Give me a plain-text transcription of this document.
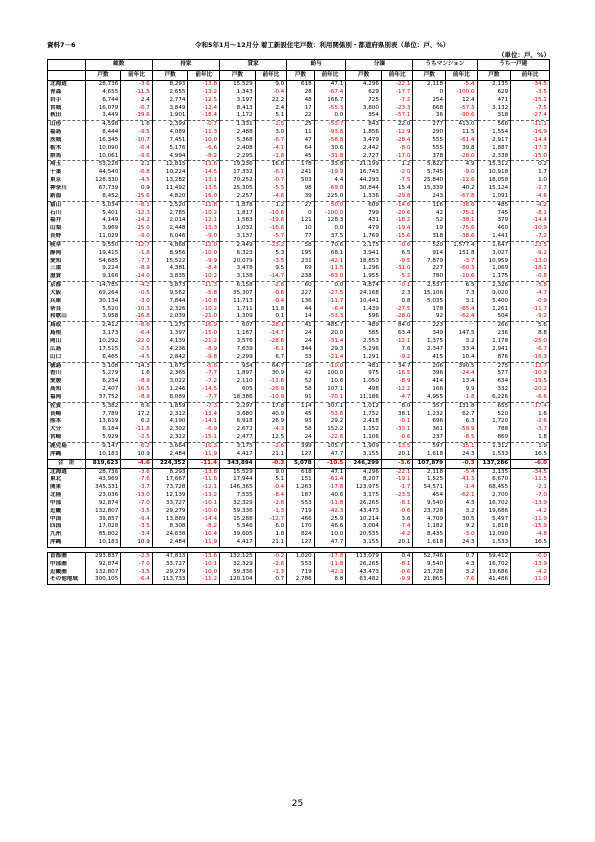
資料7－6	令和5年1月～12月分 着工新設住宅戸数：利用関係別・都道府県別表（単位：戸、%）
（単位：戸、%）
	総数		持家		貸家		給与		分譲		うちマンション		うち一戸建	
	戸数	前年比	戸数	前年比	戸数	前年比	戸数	前年比	戸数	前年比	戸数	前年比	戸数	前年比
北海道	28,736	-3.6	8,293	-13.8	15,529	9.0	618	47.1	4,296	-22.1	2,118	-5.4	2,135	-34.5
青森	4,655	-11.5	2,655	-13.2	1,343	-0.4	28	-67.4	629	-17.7	0	-100.0	629	-3.5
岩手	6,744	2.4	2,774	-12.5	3,197	22.2	48	166.7	725	-7.2	254	12.4	471	-15.1
宮城	16,079	-6.7	3,849	-12.4	8,413	2.4	17	-55.3	3,800	-23.3	668	-57.3	3,132	-7.5
秋田	3,449	-19.6	1,901	-18.4	1,172	5.1	22	0.0	354	-57.1	36	-90.6	318	-27.4
山形	4,598	1.6	2,399	-0.7	1,331	-2.5	25	-53.7	843	22.0	277	413.0	566	-11.1
福島	8,444	-9.5	4,089	-11.3	2,488	3.0	11	-93.6	1,856	-12.9	290	11.5	1,554	-16.9
茨城	16,345	-10.7	7,451	-10.0	5,368	-6.7	47	-58.8	3,479	-28.4	555	-61.4	2,917	-14.4
栃木	10,090	-6.4	5,176	-6.6	2,408	-4.1	64	30.6	2,442	-8.0	555	39.8	1,887	-17.3
群馬	10,061	-9.6	4,994	-8.2	2,295	-1.8	45	-31.8	2,727	-17.0	378	-28.0	2,338	-15.0
埼玉	53,228	2.1	12,815	-13.6	19,236	16.8	178	33.8	21,199	1.2	5,822	4.9	15,312	0.2
千葉	44,540	-6.8	10,224	-14.5	17,332	-6.1	241	-19.9	16,743	-2.0	5,745	-9.0	10,918	1.7
東京	128,330	-4.5	13,282	-13.1	70,252	-0.7	503	4.4	44,293	-7.5	25,840	-12.6	18,058	1.0
神奈川	67,739	0.9	11,492	-13.5	25,305	-5.5	98	-69.8	30,844	15.4	15,339	40.2	15,124	-2.7
新潟	8,452	-15.6	4,820	-16.0	2,257	-4.6	39	225.0	1,336	-29.8	243	-67.8	1,091	-4.6
富山	5,034	-8.1	2,520	-11.8	1,878	1.2	27	-50.0	609	-14.6	116	-38.6	485	-4.2
石川	5,401	-12.3	2,785	-10.2	1,817	-10.6	0	-100.0	799	-20.6	42	-75.1	745	-8.1
福井	4,149	-14.2	2,014	-12.1	1,583	-19.6	121	128.3	431	-18.2	52	-38.1	379	-14.4
山梨	3,969	-15.0	2,448	-13.3	1,032	-16.6	10	0.0	479	-19.4	19	-75.6	460	-10.9
長野	11,029	-9.0	6,046	-9.0	3,137	-5.7	77	37.5	1,769	-15.6	318	-38.6	1,441	-7.2
岐阜	9,550	-12.7	4,868	-12.0	2,449	-23.2	58	70.6	2,175	-0.6	520	1,577.4	1,647	-23.5
静岡	19,415	-1.8	8,956	-10.0	6,323	5.3	195	68.1	3,941	6.5	914	151.8	3,027	-9.2
愛知	54,685	-7.7	15,522	-9.9	20,079	-3.5	231	-42.1	18,853	-9.5	7,879	-3.7	10,959	-13.0
三重	9,224	-8.9	4,381	-8.4	3,478	9.5	69	-11.5	1,296	-31.0	227	-60.3	1,069	-18.1
滋賀	9,166	-14.0	3,835	-10.2	3,138	-14.7	238	-63.0	1,955	-5.2	780	-10.6	1,175	-0.8
京都	14,785	-4.2	3,873	-11.3	6,158	-2.8	60	0.0	4,874	-0.1	2,537	6.5	2,326	-5.8
大阪	69,264	-0.5	9,562	-5.8	35,307	-0.6	227	-27.5	24,168	2.3	15,106	7.3	9,020	-4.7
兵庫	30,134	-3.0	7,844	-10.8	11,713	-0.4	136	-11.7	10,441	0.8	5,035	3.1	5,400	-0.9
奈良	5,520	-10.3	2,326	-10.2	1,711	11.8	44	-6.4	1,439	-27.5	178	-65.4	1,261	-11.7
和歌山	3,958	-16.8	2,039	-21.0	1,309	0.1	14	-53.3	596	-28.0	92	-62.4	504	-9.2
鳥取	2,412	-8.6	1,275	-16.9	607	-28.1	41	485.7	489	84.0	223	－	266	5.6
島根	3,173	-6.4	1,397	-15.0	1,167	-14.7	24	20.0	585	63.4	349	147.5	236	8.8
岡山	10,292	-22.0	4,139	-21.2	3,576	-28.6	24	-31.4	2,553	-12.1	1,375	3.2	1,178	-25.0
広島	17,515	-2.5	4,236	-8.9	7,639	-6.1	344	29.3	5,296	7.6	2,347	33.4	2,941	-6.7
山口	6,465	-4.5	2,842	-9.8	2,299	6.7	33	-21.4	1,291	-9.2	415	10.4	876	-16.3
徳島	3,108	14.3	1,675	-5.8	934	64.7	18	-10.0	481	34.7	206	390.5	275	-12.7
香川	5,279	1.6	2,365	-7.7	1,897	30.9	42	100.0	975	-16.5	396	-24.4	577	-10.3
愛媛	6,234	-8.9	3,022	-7.2	2,110	-11.6	52	10.6	1,050	-8.9	414	13.4	634	-19.5
高知	2,407	-16.5	1,246	-14.5	605	-26.9	58	107.1	498	-12.2	166	9.9	332	-20.2
福岡	37,752	-8.9	8,089	-7.7	18,386	-10.9	91	-70.1	11,186	-4.7	4,955	-1.8	6,226	-6.6
佐賀	5,382	6.6	1,859	-7.3	2,297	17.8	114	307.1	1,012	8.0	357	131.8	655	-17.4
長崎	7,789	17.2	2,312	-13.4	3,680	40.9	45	-53.6	1,752	38.1	1,232	62.7	520	1.6
熊本	13,619	6.2	4,190	-14.1	6,918	26.9	93	29.2	2,418	-0.1	696	6.3	1,720	-2.6
大分	6,184	-11.8	2,302	-6.9	2,672	-4.3	58	152.2	1,152	-33.1	361	-59.9	788	-3.7
宮崎	5,929	-2.5	2,322	-15.1	2,477	12.5	24	-22.6	1,106	-0.6	237	-8.5	869	1.8
鹿児島	9,147	-6.2	3,664	-10.3	3,175	-2.6	399	105.7	1,909	-13.5	597	-35.1	1,312	1.9
沖縄	10,183	10.9	2,484	-11.9	4,417	21.1	127	47.7	3,155	20.1	1,618	24.3	1,533	16.5
合　計	819,623	-4.6	224,352	-11.4	343,894	-0.3	5,078	-10.5	246,299	-3.6	107,879	-0.3	137,286	-6.0
北海道	28,736	-3.6	8,293	-13.8	15,529	9.0	618	47.1	4,296	-22.1	2,118	-5.4	2,135	-34.5
東北	43,969	-7.6	17,667	-11.6	17,944	5.1	151	-61.4	8,207	-19.1	1,525	-41.3	6,670	-11.5
関東	345,331	-3.7	73,728	-12.1	146,365	-0.4	1,263	-17.8	123,975	-1.7	54,571	-1.4	68,455	-2.1
北陸	23,036	-13.0	12,139	-13.2	7,535	-8.4	187	40.6	3,175	-23.5	454	-62.1	2,700	-7.0
中部	92,874	-7.0	33,727	-10.1	32,329	-2.6	553	-11.8	26,265	-8.1	9,540	4.3	16,702	-13.9
近畿	132,807	-3.5	29,279	-10.0	59,336	-1.3	719	-42.3	43,473	-0.6	23,728	3.2	19,686	-4.2
中国	39,857	-9.4	13,889	-14.4	15,288	-12.7	466	25.9	10,214	3.6	4,709	30.5	5,497	-11.9
四国	17,028	-3.5	8,308	-8.2	5,546	6.0	170	46.6	3,004	-7.4	1,182	9.2	1,818	-15.9
九州	85,802	-3.4	24,638	-10.4	39,605	1.8	824	10.0	20,535	-4.2	8,435	-3.0	12,090	-4.8
沖縄	10,183	10.9	2,484	-11.9	4,417	21.1	127	47.7	3,155	20.1	1,618	24.3	1,533	16.5

首都圏	293,837	-2.5	47,813	-13.6	132,125	-0.2	1,020	-17.8	113,079	0.4	52,746	0.7	59,412	-0.0
中部圏	92,874	-7.0	33,727	-10.1	32,329	-2.6	553	-11.8	26,265	-8.1	9,540	4.3	16,702	-13.9
近畿圏	132,807	-3.5	29,279	-10.0	59,336	-1.3	719	-42.3	43,473	-0.6	23,728	3.2	19,686	-4.2
その他地域	300,105	-6.4	113,733	-11.2	120,104	0.7	2,786	8.8	63,482	-9.9	21,865	-7.6	41,486	-11.0
25
